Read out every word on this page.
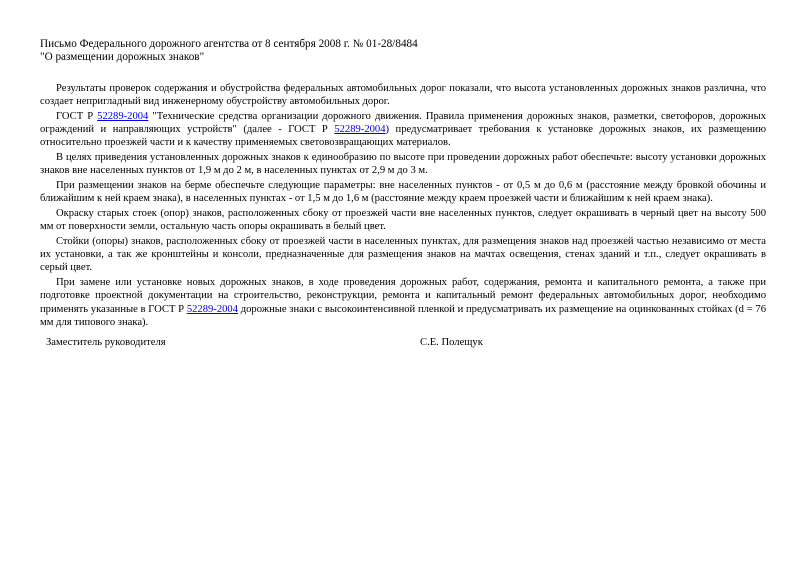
Письмо Федерального дорожного агентства от 8 сентября 2008 г. № 01-28/8484
"О размещении дорожных знаков"

Результаты проверок содержания и обустройства федеральных автомобильных дорог показали, что высота установленных дорожных знаков различна, что создает непригладный вид инженерному обустройству автомобильных дорог.

ГОСТ Р 52289-2004 "Технические средства организации дорожного движения. Правила применения дорожных знаков, разметки, светофоров, дорожных ограждений и направляющих устройств" (далее - ГОСТ Р 52289-2004) предусматривает требования к установке дорожных знаков, их размещению относительно проезжей части и к качеству применяемых световозвращающих материалов.

В целях приведения установленных дорожных знаков к единообразию по высоте при проведении дорожных работ обеспечьте: высоту установки дорожных знаков вне населенных пунктов от 1,9 м до 2 м, в населенных пунктах от 2,9 м до 3 м.

При размещении знаков на берме обеспечьте следующие параметры: вне населенных пунктов - от 0,5 м до 0,6 м (расстояние между бровкой обочины и ближайшим к ней краем знака), в населенных пунктах - от 1,5 м до 1,6 м (расстояние между краем проезжей части и ближайшим к ней краем знака).

Окраску старых стоек (опор) знаков, расположенных сбоку от проезжей части вне населенных пунктов, следует окрашивать в черный цвет на высоту 500 мм от поверхности земли, остальную часть опоры окрашивать в белый цвет.

Стойки (опоры) знаков, расположенных сбоку от проезжей части в населенных пунктах, для размещения знаков над проезжей частью независимо от места их установки, а так же кронштейны и консоли, предназначенные для размещения знаков на мачтах освещения, стенах зданий и т.п., следует окрашивать в серый цвет.

При замене или установке новых дорожных знаков, в ходе проведения дорожных работ, содержания, ремонта и капитального ремонта, а также при подготовке проектной документации на строительство, реконструкции, ремонта и капитальный ремонт федеральных автомобильных дорог, необходимо применять указанные в ГОСТ Р 52289-2004 дорожные знаки с высокоинтенсивной пленкой и предусматривать их размещение на оцинкованных стойках (d = 76 мм для типового знака).

Заместитель руководителя	С.Е. Полещук
